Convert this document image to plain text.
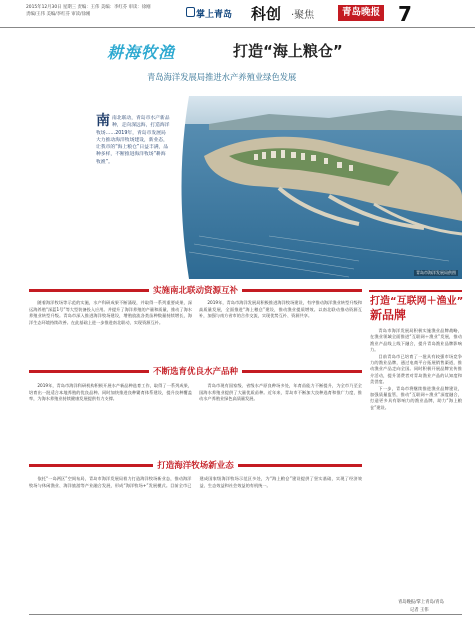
2015年12月30日 星期三 责编：王伟 美编：李红芬 审读：徐刚
责编/王伟 美编/李红芬 审读/徐刚	掌上青岛 科创 ·聚焦	青岛晚报 7
耕海牧渔	打造“海上粮仓”
青岛海洋发展局推进水产养殖业绿色发展
青岛市海洋发展局供图
南 南北联动，青岛市水产新品种，走向深远海，打造海洋牧场……2019年，青岛市发展局大力推动海洋牧场建设，新业态，让我市的“海上粮仓”日益丰满，品种多样，不断推进海洋牧场“耕海牧渔”。
实施南北联动资源互补

随着海洋牧场等示范的实施，水产科研成果不断涌现，并取得一系列重要成果，深远海养殖“深蓝1号”等大型装备投入应用。并提升了海洋养殖的产量和质量，推动了海水养殖业转型升级。青岛市深入推进海洋牧场建设，增殖放流各类苗种数量持续增长，海洋生态环境持续改善。在此基础上进一步推进南北联动，实现资源互补。

2019年，青岛市海洋发展局积极推进海洋牧场建设，有序推动海洋渔业转型升级和高质量发展，全面推进“海上粮仓”建设，推动渔业提质增效。以南北联动推动资源互补，加强与南方省市的合作交流，实现优势互补、资源共享。

不断选育优良水产品种

2019年，青岛市海洋科研机构积极开展水产新品种选育工作，取得了一系列成果，培育出一批适合本地养殖的优良品种。同时加快推进良种繁育体系建设，提升良种覆盖率，为海水养殖业持续健康发展提供有力支撑。

青岛市现有国家级、省级水产原良种场多处，年育苗能力不断提升，为全市乃至全国海水养殖业提供了大量优质苗种。近年来，青岛市不断加大良种选育和推广力度，推动水产养殖业绿色高质量发展。

打造海洋牧场新业态

依托“一岛两区”空间布局，青岛市海洋发展局着力打造海洋牧场新业态，推动海洋牧场与休闲渔业、海洋旅游等产业融合发展，形成“海洋牧场+”发展模式。目前全市已建成国家级海洋牧场示范区多处，为“海上粮仓”建设提供了坚实基础，实现了经济效益、生态效益和社会效益的有机统一。

打造“互联网＋渔业”
新品牌

青岛市海洋发展局积极实施渔业品牌战略，在渔业领域全面推进“互联网＋渔业”发展，推动渔业产品线上线下融合，提升青岛渔业品牌影响力。

目前青岛市已培育了一批具有较强市场竞争力的渔业品牌，通过电商平台拓展销售渠道，推动渔业产品走向全国。同时积极开展品牌宣传推介活动，提升消费者对青岛渔业产品的认知度和美誉度。

下一步，青岛市将继续推进渔业品牌建设，加强质量监管，推动“互联网＋渔业”深度融合，打造更多具有影响力的渔业品牌，助力“海上粮仓”建设。

青岛晚报/掌上青岛/青岛
记者 王伟
